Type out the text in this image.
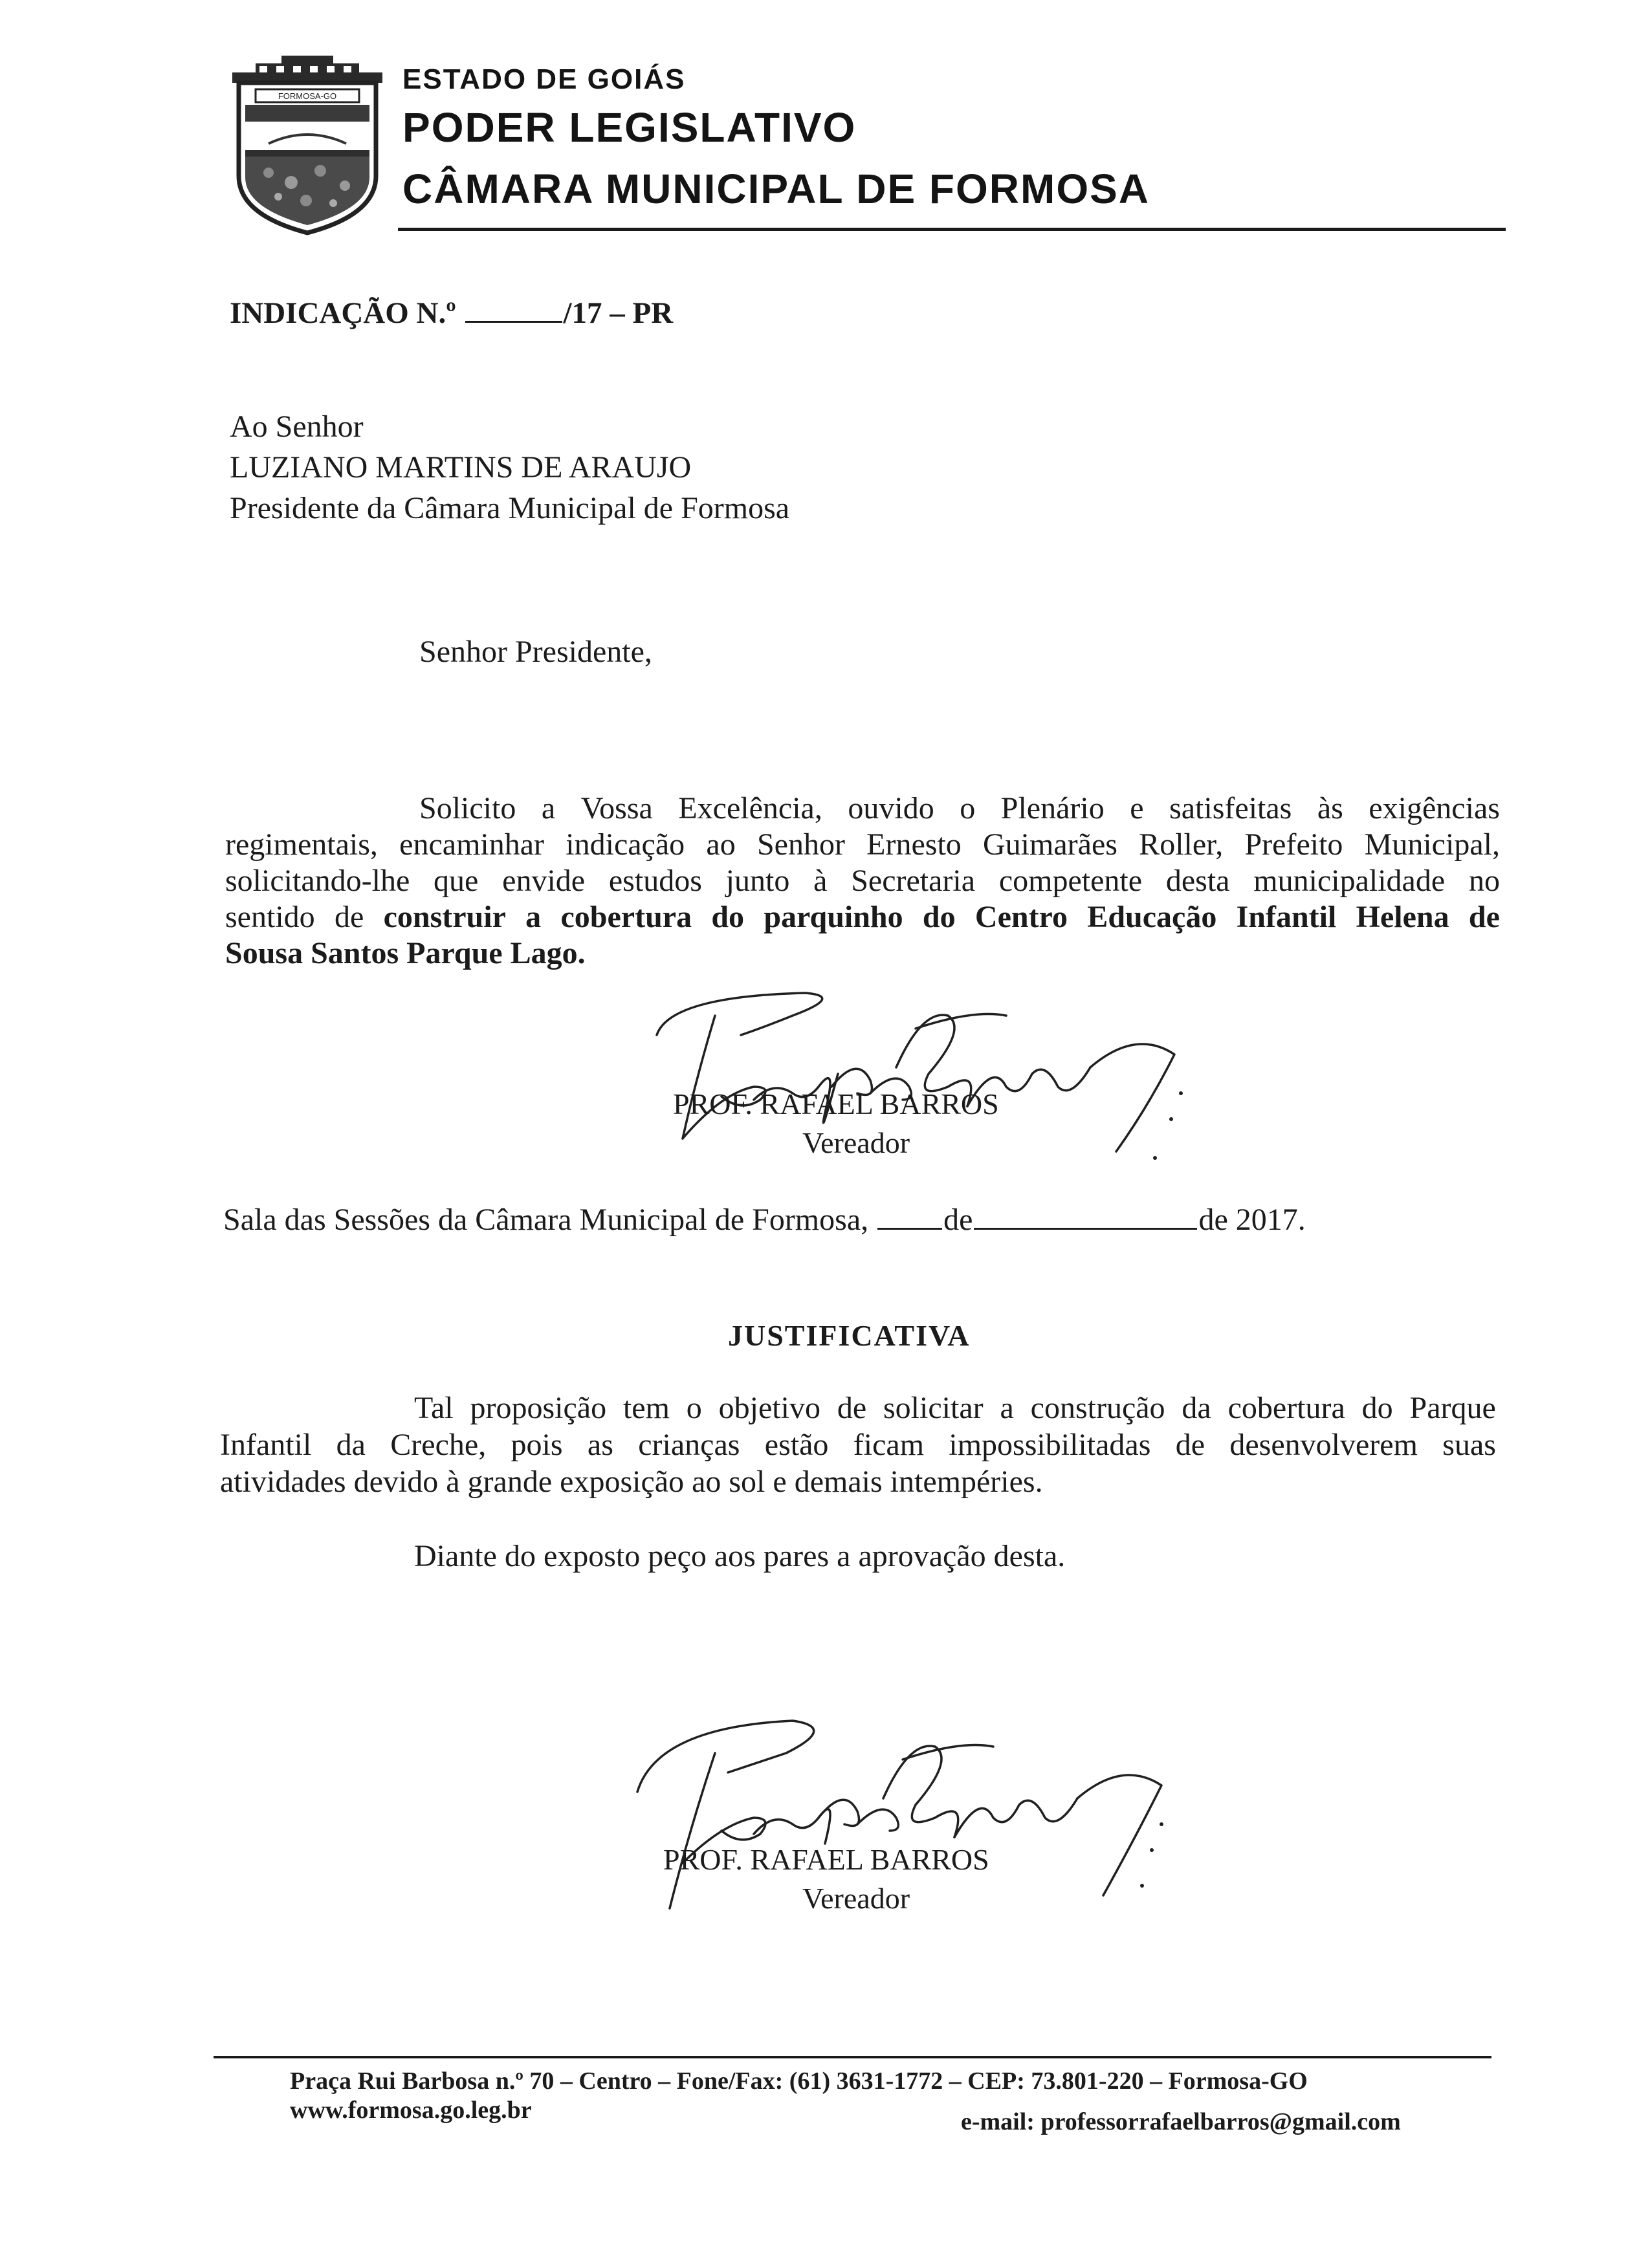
FORMOSA-GO
ESTADO DE GOIÁS
PODER LEGISLATIVO
CÂMARA MUNICIPAL DE FORMOSA
INDICAÇÃO N.º	/17 – PR
Ao Senhor
LUZIANO MARTINS DE ARAUJO
Presidente da Câmara Municipal de Formosa
Senhor Presidente,
Solicito a Vossa Excelência, ouvido o Plenário e satisfeitas às exigências
regimentais, encaminhar indicação ao Senhor Ernesto Guimarães Roller, Prefeito Municipal,
solicitando-lhe que envide estudos junto à Secretaria competente desta municipalidade no
sentido de construir a cobertura do parquinho do Centro Educação Infantil Helena de
Sousa Santos Parque Lago.
PROF. RAFAEL BARROS
Vereador
Sala das Sessões da Câmara Municipal de Formosa, de	de 2017.
JUSTIFICATIVA
Tal proposição tem o objetivo de solicitar a construção da cobertura do Parque
Infantil da Creche, pois as crianças estão ficam impossibilitadas de desenvolverem suas
atividades devido à grande exposição ao sol e demais intempéries.
Diante do exposto peço aos pares a aprovação desta.
PROF. RAFAEL BARROS
Vereador
Praça Rui Barbosa n.º 70 – Centro – Fone/Fax: (61) 3631-1772 – CEP: 73.801-220 – Formosa-GO
www.formosa.go.leg.br	e-mail: professorrafaelbarros@gmail.com
